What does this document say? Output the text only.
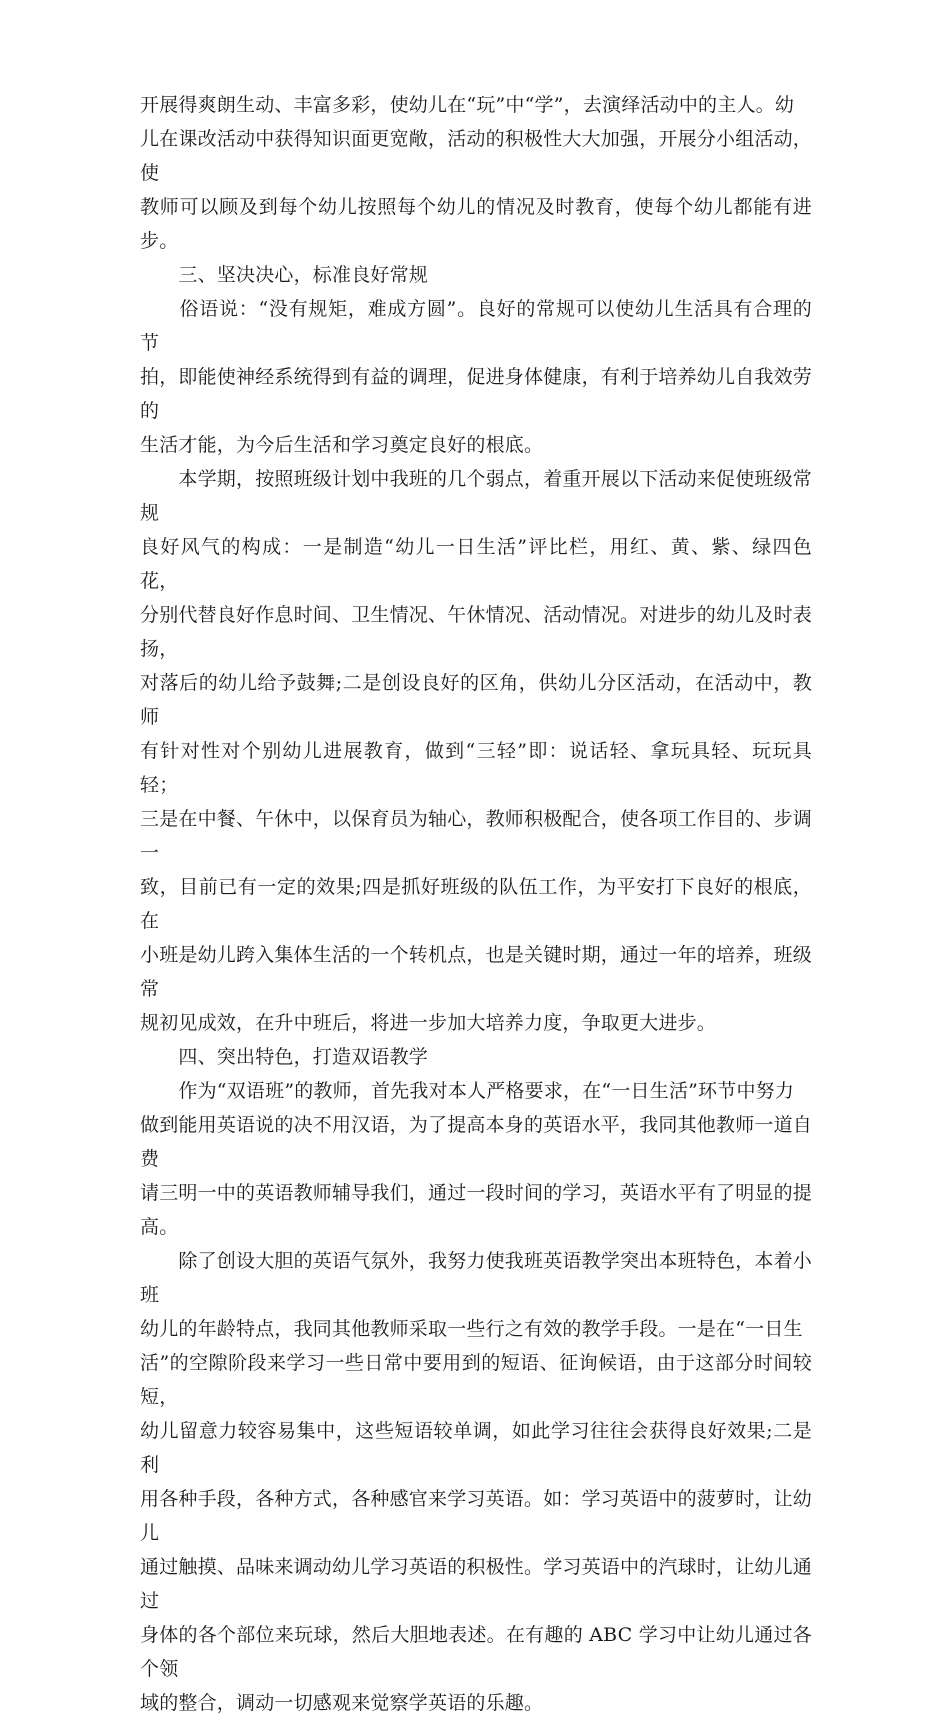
开展得爽朗生动、丰富多彩，使幼儿在“玩”中“学”，去演绎活动中的主人。幼
儿在课改活动中获得知识面更宽敞，活动的积极性大大加强，开展分小组活动，使
教师可以顾及到每个幼儿按照每个幼儿的情况及时教育，使每个幼儿都能有进步。

　　三、坚决决心，标准良好常规

　　俗语说：“没有规矩，难成方圆”。良好的常规可以使幼儿生活具有合理的节
拍，即能使神经系统得到有益的调理，促进身体健康，有利于培养幼儿自我效劳的
生活才能，为今后生活和学习奠定良好的根底。

　　本学期，按照班级计划中我班的几个弱点，着重开展以下活动来促使班级常规
良好风气的构成：一是制造“幼儿一日生活”评比栏，用红、黄、紫、绿四色花，
分别代替良好作息时间、卫生情况、午休情况、活动情况。对进步的幼儿及时表扬，
对落后的幼儿给予鼓舞;二是创设良好的区角，供幼儿分区活动，在活动中，教师
有针对性对个别幼儿进展教育，做到“三轻”即：说话轻、拿玩具轻、玩玩具轻；
三是在中餐、午休中，以保育员为轴心，教师积极配合，使各项工作目的、步调一
致，目前已有一定的效果;四是抓好班级的队伍工作，为平安打下良好的根底，在
小班是幼儿跨入集体生活的一个转机点，也是关键时期，通过一年的培养，班级常
规初见成效，在升中班后，将进一步加大培养力度，争取更大进步。

　　四、突出特色，打造双语教学

　　作为“双语班”的教师，首先我对本人严格要求，在“一日生活”环节中努力
做到能用英语说的决不用汉语，为了提高本身的英语水平，我同其他教师一道自费
请三明一中的英语教师辅导我们，通过一段时间的学习，英语水平有了明显的提高。

　　除了创设大胆的英语气氛外，我努力使我班英语教学突出本班特色，本着小班
幼儿的年龄特点，我同其他教师采取一些行之有效的教学手段。一是在“一日生
活”的空隙阶段来学习一些日常中要用到的短语、征询候语，由于这部分时间较短，
幼儿留意力较容易集中，这些短语较单调，如此学习往往会获得良好效果;二是利
用各种手段，各种方式，各种感官来学习英语。如：学习英语中的菠萝时，让幼儿
通过触摸、品味来调动幼儿学习英语的积极性。学习英语中的汽球时，让幼儿通过
身体的各个部位来玩球，然后大胆地表述。在有趣的 ABC 学习中让幼儿通过各个领
域的整合，调动一切感观来觉察学英语的乐趣。
